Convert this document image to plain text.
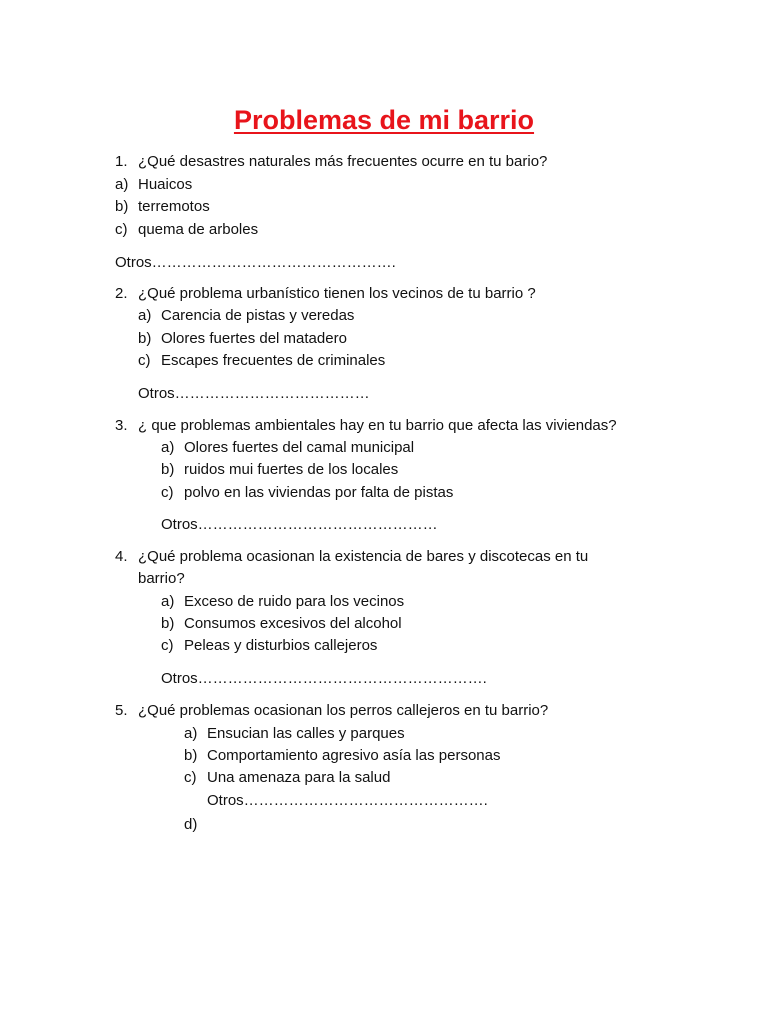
Problemas de mi barrio
1. ¿Qué desastres naturales más frecuentes ocurre en tu bario?
a) Huaicos
b) terremotos
c) quema de arboles
Otros………………………………………….
2. ¿Qué problema urbanístico tienen los vecinos de tu barrio ?
a) Carencia de pistas y veredas
b) Olores fuertes del matadero
c) Escapes frecuentes de criminales
Otros…………………………………
3. ¿ que problemas ambientales hay en tu barrio que afecta las viviendas?
a) Olores fuertes del camal municipal
b) ruidos mui fuertes de los locales
c) polvo en las viviendas por falta de pistas
Otros…………………………………………
4. ¿Qué problema ocasionan la existencia de bares y discotecas en tu
barrio?
a) Exceso de ruido para los vecinos
b) Consumos excesivos del alcohol
c) Peleas y disturbios callejeros
Otros………………………………………………….
5. ¿Qué problemas ocasionan los perros callejeros en tu barrio?
a) Ensucian las calles y parques
b) Comportamiento agresivo asía las personas
c) Una amenaza para la salud
Otros………………………………………….
d)
